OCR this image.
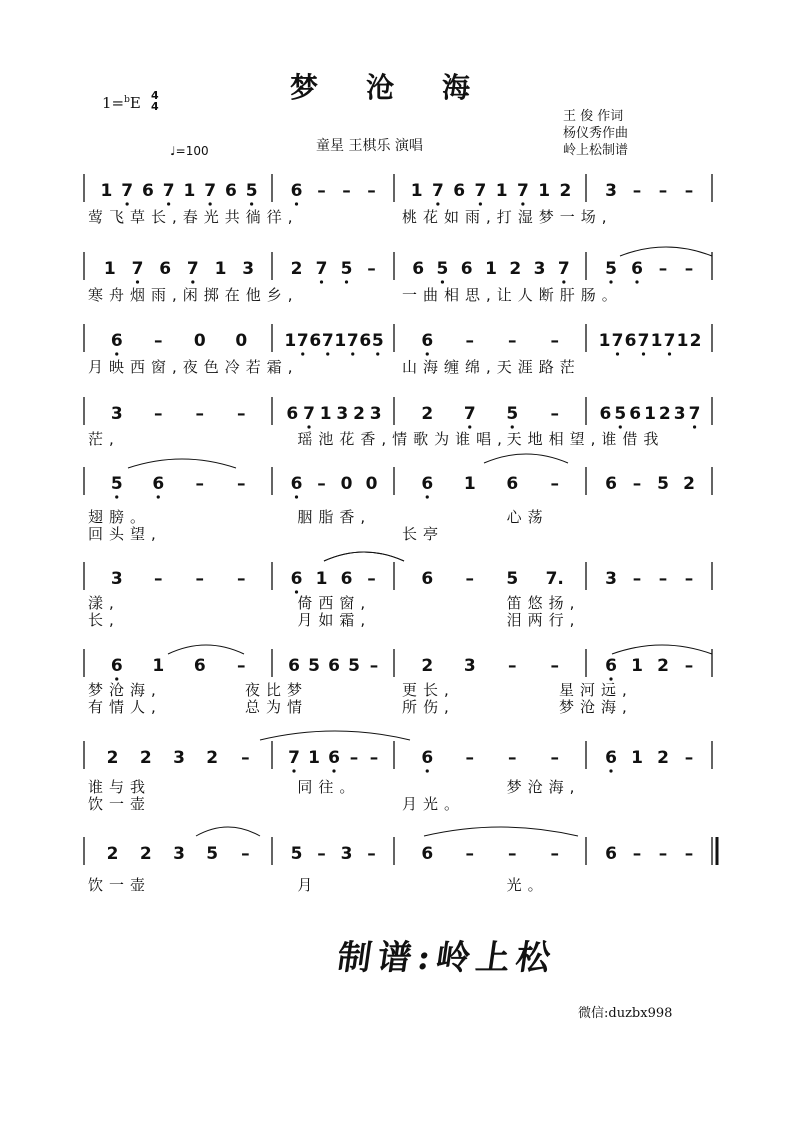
梦沧海
1=$^b$E 4
4
♩=100	童星 王棋乐 演唱
王 俊 作词
杨仪秀作曲
岭上松制谱
1 7 6 7 1 7 6 5 6 – – – 1 7 6 7 1 7 1 2 3 – – –
莺飞草长,春光共徜徉,	桃花如雨,打湿梦一场,
1 7 6 7 1 3 2 7 5 – 6 5 6 1 2 3 7 5 6 – –
寒舟烟雨,闲掷在他乡,	一曲相思,让人断肝肠。
6 – 0 0 1 7 6 7 1 7 6 5 6 – – – 1 7 6 7 1 7 1 2
月映西窗,夜色冷若霜,	山海缠绵,天涯路茫
3 – – – 6 7 1 3 2 3 2 7 5 – 6 5 6 1 2 3 7
茫,	瑶池花香,情歌为谁唱,
天地相望,谁借我
5 6 – –	6 – 0 0	6 1 6 –	6 – 5 2
翅膀。	胭脂香,	心荡
回头望,	长亭
3 – – –	6 1 6 –	6 – 5 7. 3 – – –
漾,	倚西窗,	笛悠扬,
长,	月如霜,	泪两行,
6 1 6 –	6 5 6 5 –	2 3 – –	6 1 2 –
梦沧海,	夜比梦	更长,	星河远,
有情人,	总为情	所伤,	梦沧海,
2 2 3 2 – 7 1 6 – –	6 – – –	6 1 2 –
谁与我	同往。	梦沧海,
饮一壶	月光。
2 2 3 5 – 5 – 3 –	6 – – –	6 – – –
饮一壶	月	光。
制谱:岭上松
微信:duzbx998
